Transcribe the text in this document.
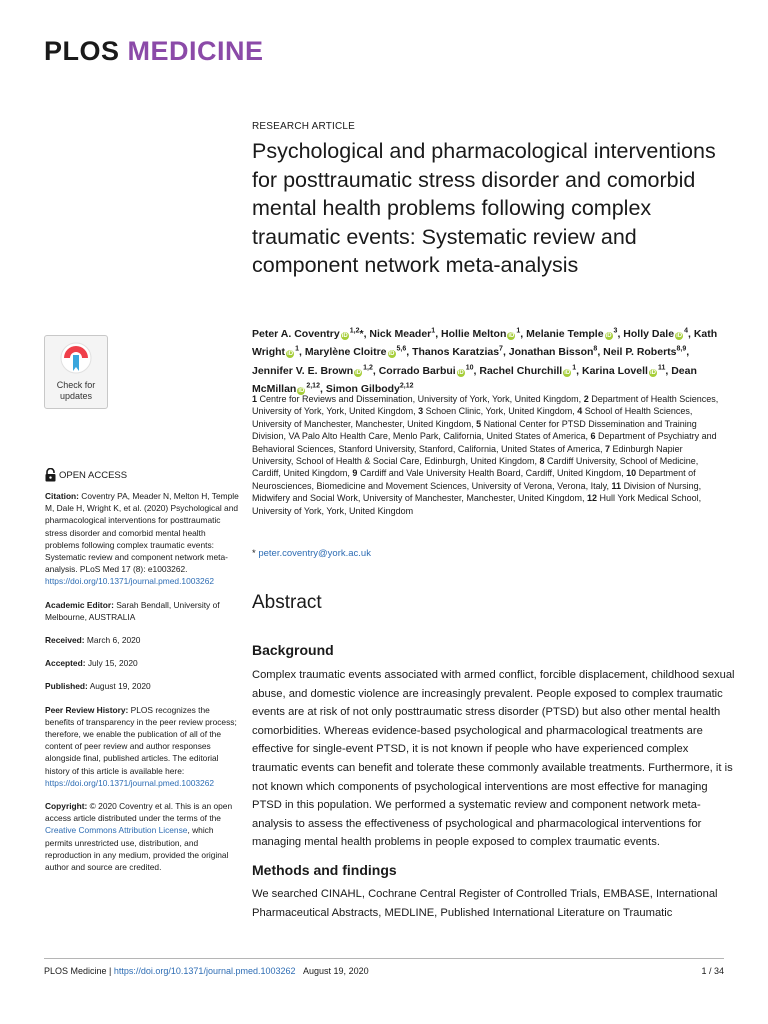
PLOS MEDICINE
RESEARCH ARTICLE
Psychological and pharmacological interventions for posttraumatic stress disorder and comorbid mental health problems following complex traumatic events: Systematic review and component network meta-analysis
Peter A. Coventry iD$^{1,2}$*, Nick Meader$^1$, Hollie Melton $iD^1$, Melanie Temple $iD^3$, Holly Dale $iD^4$, Kath Wright $iD^1$, Marylène Cloitre iD$^{5,6}$, Thanos Karatzias$^7$, Jonathan Bisson$^8$, Neil P. Roberts$^{8,9}$, Jennifer V. E. Brown iD$^{1,2}$, Corrado Barbui $iD^{10}$, Rachel Churchill $iD^1$, Karina Lovell $iD^{11}$, Dean McMillan iD$^{2,12}$, Simon Gilbody$^{2,12}$
1 Centre for Reviews and Dissemination, University of York, York, United Kingdom, 2 Department of Health Sciences, University of York, York, United Kingdom, 3 Schoen Clinic, York, United Kingdom, 4 School of Health Sciences, University of Manchester, Manchester, United Kingdom, 5 National Center for PTSD Dissemination and Training Division, VA Palo Alto Health Care, Menlo Park, California, United States of America, 6 Department of Psychiatry and Behavioral Sciences, Stanford University, Stanford, California, United States of America, 7 Edinburgh Napier University, School of Health & Social Care, Edinburgh, United Kingdom, 8 Cardiff University, School of Medicine, Cardiff, United Kingdom, 9 Cardiff and Vale University Health Board, Cardiff, United Kingdom, 10 Department of Neurosciences, Biomedicine and Movement Sciences, University of Verona, Verona, Italy, 11 Division of Nursing, Midwifery and Social Work, University of Manchester, Manchester, United Kingdom, 12 Hull York Medical School, University of York, York, United Kingdom
* peter.coventry@york.ac.uk
Abstract
Background

Complex traumatic events associated with armed conflict, forcible displacement, childhood sexual abuse, and domestic violence are increasingly prevalent. People exposed to complex traumatic events are at risk of not only posttraumatic stress disorder (PTSD) but also other mental health comorbidities. Whereas evidence-based psychological and pharmacological treatments are effective for single-event PTSD, it is not known if people who have experienced complex traumatic events can benefit and tolerate these commonly available treatments. Furthermore, it is not known which components of psychological interventions are most effective for managing PTSD in this population. We performed a systematic review and component network meta-analysis to assess the effectiveness of psychological and pharmacological interventions for managing mental health problems in people exposed to complex traumatic events.

Methods and findings

We searched CINAHL, Cochrane Central Register of Controlled Trials, EMBASE, International Pharmaceutical Abstracts, MEDLINE, Published International Literature on Traumatic

Check for
updates
OPEN ACCESS

Citation: Coventry PA, Meader N, Melton H, Temple M, Dale H, Wright K, et al. (2020) Psychological and pharmacological interventions for posttraumatic stress disorder and comorbid mental health problems following complex traumatic events: Systematic review and component network meta-analysis. PLoS Med 17 (8): e1003262. https://doi.org/10.1371/journal.pmed.1003262

Academic Editor: Sarah Bendall, University of Melbourne, AUSTRALIA

Received: March 6, 2020

Accepted: July 15, 2020

Published: August 19, 2020

Peer Review History: PLOS recognizes the benefits of transparency in the peer review process; therefore, we enable the publication of all of the content of peer review and author responses alongside final, published articles. The editorial history of this article is available here: https://doi.org/10.1371/journal.pmed.1003262

Copyright: © 2020 Coventry et al. This is an open access article distributed under the terms of the Creative Commons Attribution License, which permits unrestricted use, distribution, and reproduction in any medium, provided the original author and source are credited.

PLOS Medicine | https://doi.org/10.1371/journal.pmed.1003262 August 19, 2020	1 / 34
